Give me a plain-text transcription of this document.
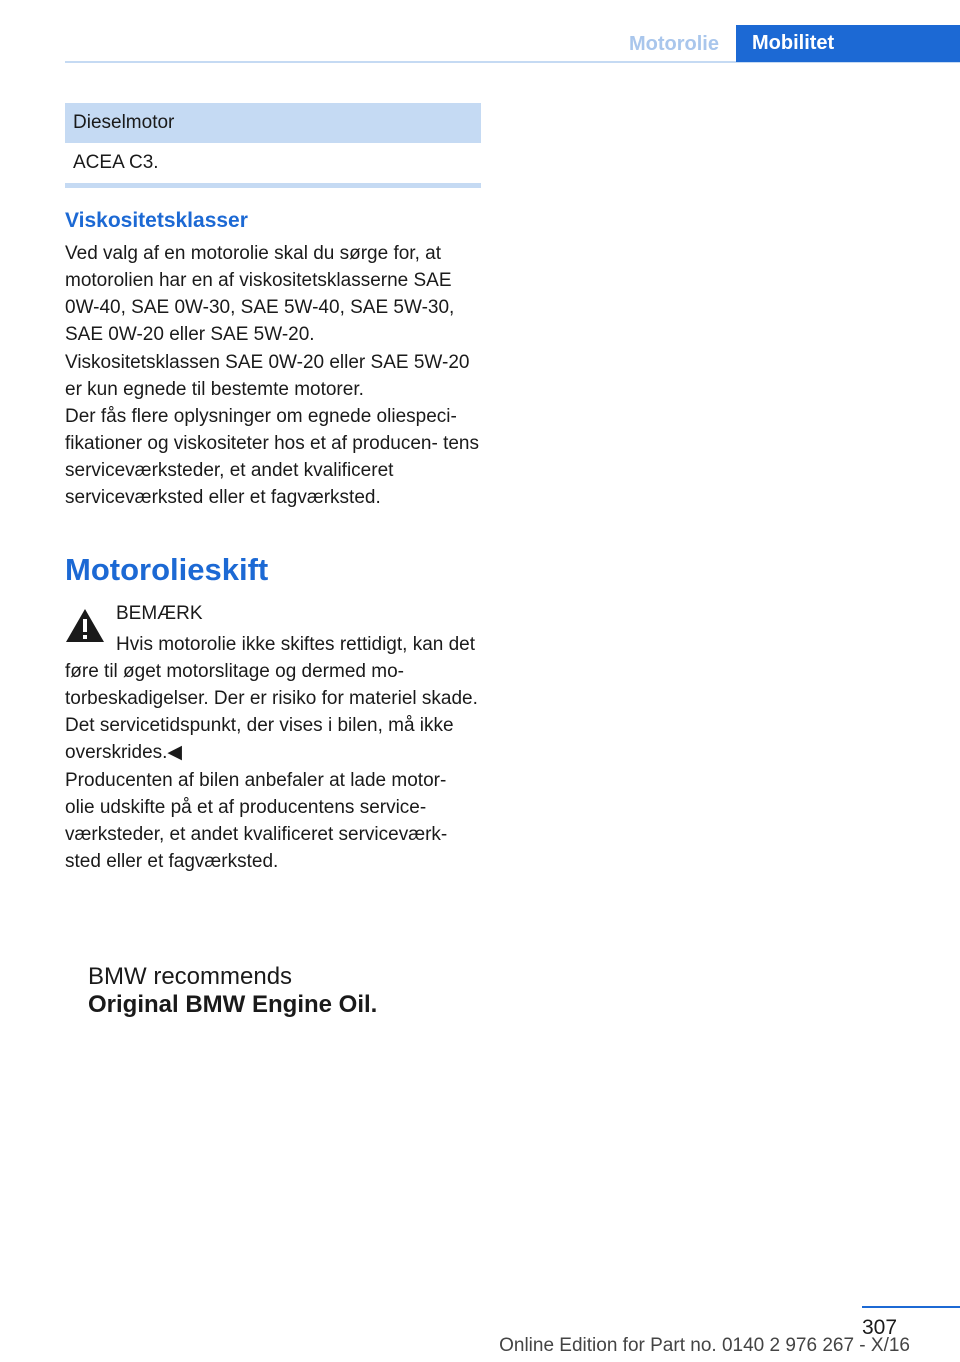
Motorolie	Mobilitet
Dieselmotor
ACEA C3.
Viskositetsklasser

Ved valg af en motorolie skal du sørge for, at motorolien har en af viskositetsklasserne SAE 0W-40, SAE 0W-30, SAE 5W-40, SAE 5W-30, SAE 0W-20 eller SAE 5W-20.

Viskositetsklassen SAE 0W-20 eller SAE 5W-20 er kun egnede til bestemte motorer.

Der fås flere oplysninger om egnede oliespeci‐ fikationer og viskositeter hos et af producen‐ tens serviceværksteder, et andet kvalificeret serviceværksted eller et fagværksted.

Motorolieskift
BEMÆRK

Hvis motorolie ikke skiftes rettidigt, kan det føre til øget motorslitage og dermed mo‐ torbeskadigelser. Der er risiko for materiel skade. Det servicetidspunkt, der vises i bilen, må ikke overskrides.◀

Producenten af bilen anbefaler at lade motor‐ olie udskifte på et af producentens service‐ værksteder, et andet kvalificeret serviceværk‐ sted eller et fagværksted.

BMW recommends
Original BMW Engine Oil.
307
Online Edition for Part no. 0140 2 976 267 - X/16
